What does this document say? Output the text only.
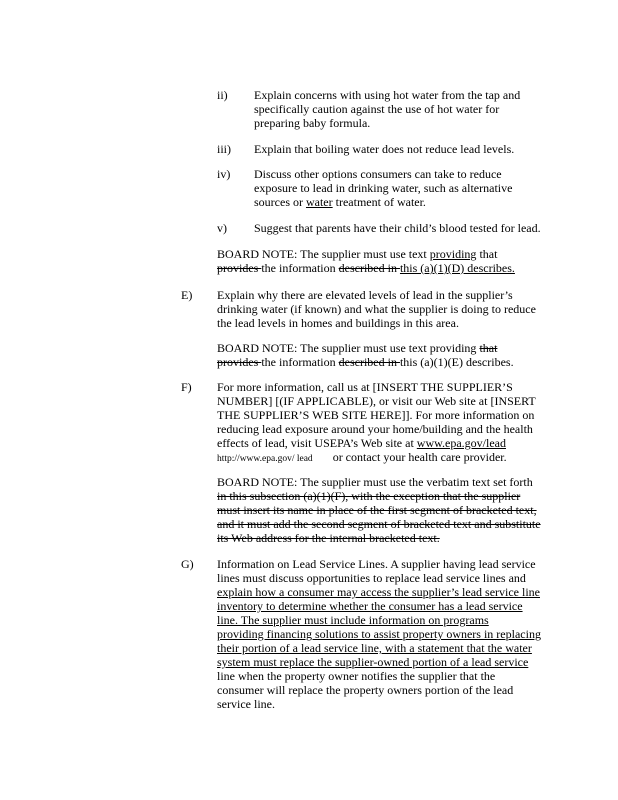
ii) Explain concerns with using hot water from the tap and
specifically caution against the use of hot water for
preparing baby formula.
iii) Explain that boiling water does not reduce lead levels.
iv) Discuss other options consumers can take to reduce
exposure to lead in drinking water, such as alternative
sources or water treatment of water.
v) Suggest that parents have their child’s blood tested for lead.
BOARD NOTE: The supplier must use text providing that
provides the information described in this (a)(1)(D) describes.
E) Explain why there are elevated levels of lead in the supplier’s
drinking water (if known) and what the supplier is doing to reduce
the lead levels in homes and buildings in this area.
BOARD NOTE: The supplier must use text providing that
provides the information described in this (a)(1)(E) describes.
F) For more information, call us at [INSERT THE SUPPLIER’S
NUMBER] [(IF APPLICABLE), or visit our Web site at [INSERT
THE SUPPLIER’S WEB SITE HERE]]. For more information on
reducing lead exposure around your home/building and the health
effects of lead, visit USEPA’s Web site at www.epa.gov/lead
http://www.epa.gov/ lead or contact your health care provider.
BOARD NOTE: The supplier must use the verbatim text set forth
in this subsection (a)(1)(F), with the exception that the supplier
must insert its name in place of the first segment of bracketed text,
and it must add the second segment of bracketed text and substitute
its Web address for the internal bracketed text.
G) Information on Lead Service Lines. A supplier having lead service
lines must discuss opportunities to replace lead service lines and
explain how a consumer may access the supplier’s lead service line
inventory to determine whether the consumer has a lead service
line. The supplier must include information on programs
providing financing solutions to assist property owners in replacing
their portion of a lead service line, with a statement that the water
system must replace the supplier-owned portion of a lead service
line when the property owner notifies the supplier that the
consumer will replace the property owners portion of the lead
service line.
